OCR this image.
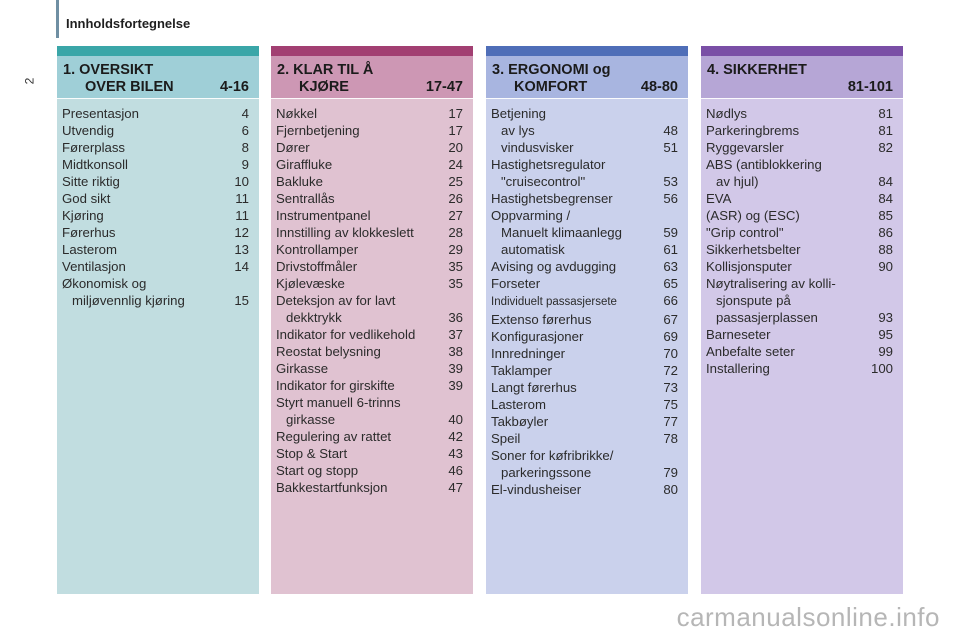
Innholdsfortegnelse
2
1. OVERSIKT
OVER BILEN	4-16
Presentasjon	4
Utvendig	6
Førerplass	8
Midtkonsoll	9
Sitte riktig	10
God sikt	11
Kjøring	11
Førerhus	12
Lasterom	13
Ventilasjon	14
Økonomisk og
miljøvennlig kjøring	15
2. KLAR TIL Å
KJØRE	17-47
Nøkkel	17
Fjernbetjening	17
Dører	20
Giraffluke	24
Bakluke	25
Sentrallås	26
Instrumentpanel	27
Innstilling av klokkeslett	28
Kontrollamper	29
Drivstoffmåler	35
Kjølevæske	35
Deteksjon av for lavt
dekktrykk	36
Indikator for vedlikehold	37
Reostat belysning	38
Girkasse	39
Indikator for girskifte	39
Styrt manuell 6-trinns
girkasse	40
Regulering av rattet	42
Stop & Start	43
Start og stopp	46
Bakkestartfunksjon	47
3. ERGONOMI og
KOMFORT	48-80
Betjening
av lys	48
vindusvisker	51
Hastighetsregulator
"cruisecontrol"	53
Hastighetsbegrenser	56
Oppvarming /
Manuelt klimaanlegg	59
automatisk	61
Avising og avdugging	63
Forseter	65
Individuelt passasjersete	66
Extenso førerhus	67
Konfigurasjoner	69
Innredninger	70
Taklamper	72
Langt førerhus	73
Lasterom	75
Takbøyler	77
Speil	78
Soner for køfribrikke/
parkeringssone	79
El-vindusheiser	80
4. SIKKERHET
81-101
Nødlys	81
Parkeringbrems	81
Ryggevarsler	82
ABS (antiblokkering
av hjul)	84
EVA	84
(ASR) og (ESC)	85
"Grip control"	86
Sikkerhetsbelter	88
Kollisjonsputer	90
Nøytralisering av kolli-
sjonspute på
passasjerplassen	93
Barneseter	95
Anbefalte seter	99
Installering	100
carmanualsonline.info
